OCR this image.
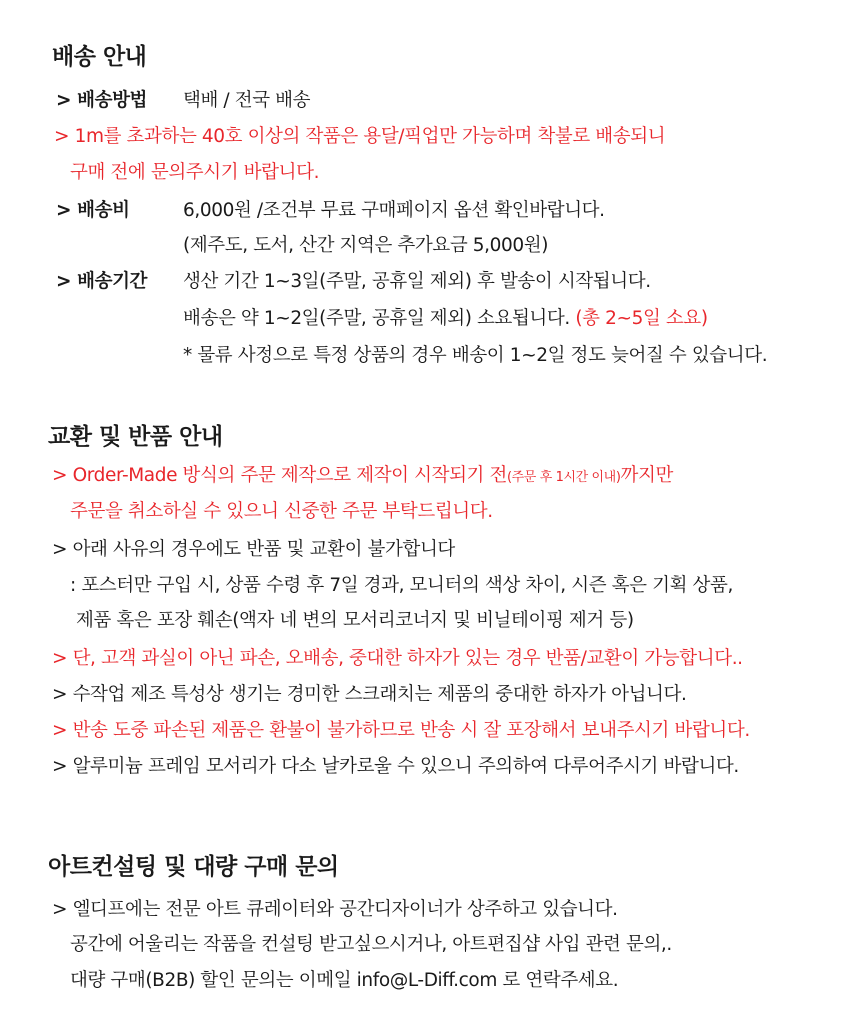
배송 안내
> 배송방법 택배 / 전국 배송
> 1m를 초과하는 40호 이상의 작품은 용달/픽업만 가능하며 착불로 배송되니
구매 전에 문의주시기 바랍니다.
> 배송비	6,000원 /조건부 무료 구매페이지 옵션 확인바랍니다.
(제주도, 도서, 산간 지역은 추가요금 5,000원)
> 배송기간 생산 기간 1~3일(주말, 공휴일 제외) 후 발송이 시작됩니다.
배송은 약 1~2일(주말, 공휴일 제외) 소요됩니다. (총 2~5일 소요)
* 물류 사정으로 특정 상품의 경우 배송이 1~2일 정도 늦어질 수 있습니다.
교환 및 반품 안내
> Order-Made 방식의 주문 제작으로 제작이 시작되기 전(주문 후 1시간 이내)까지만
주문을 취소하실 수 있으니 신중한 주문 부탁드립니다.
> 아래 사유의 경우에도 반품 및 교환이 불가합니다
: 포스터만 구입 시, 상품 수령 후 7일 경과, 모니터의 색상 차이, 시즌 혹은 기획 상품,
제품 혹은 포장 훼손(액자 네 변의 모서리코너지 및 비닐테이핑 제거 등)
> 단, 고객 과실이 아닌 파손, 오배송, 중대한 하자가 있는 경우 반품/교환이 가능합니다..
> 수작업 제조 특성상 생기는 경미한 스크래치는 제품의 중대한 하자가 아닙니다.
> 반송 도중 파손된 제품은 환불이 불가하므로 반송 시 잘 포장해서 보내주시기 바랍니다.
> 알루미늄 프레임 모서리가 다소 날카로울 수 있으니 주의하여 다루어주시기 바랍니다.
아트컨설팅 및 대량 구매 문의
> 엘디프에는 전문 아트 큐레이터와 공간디자이너가 상주하고 있습니다.
공간에 어울리는 작품을 컨설팅 받고싶으시거나, 아트편집샵 사입 관련 문의,.
대량 구매(B2B) 할인 문의는 이메일 info@L-Diff.com 로 연락주세요.
